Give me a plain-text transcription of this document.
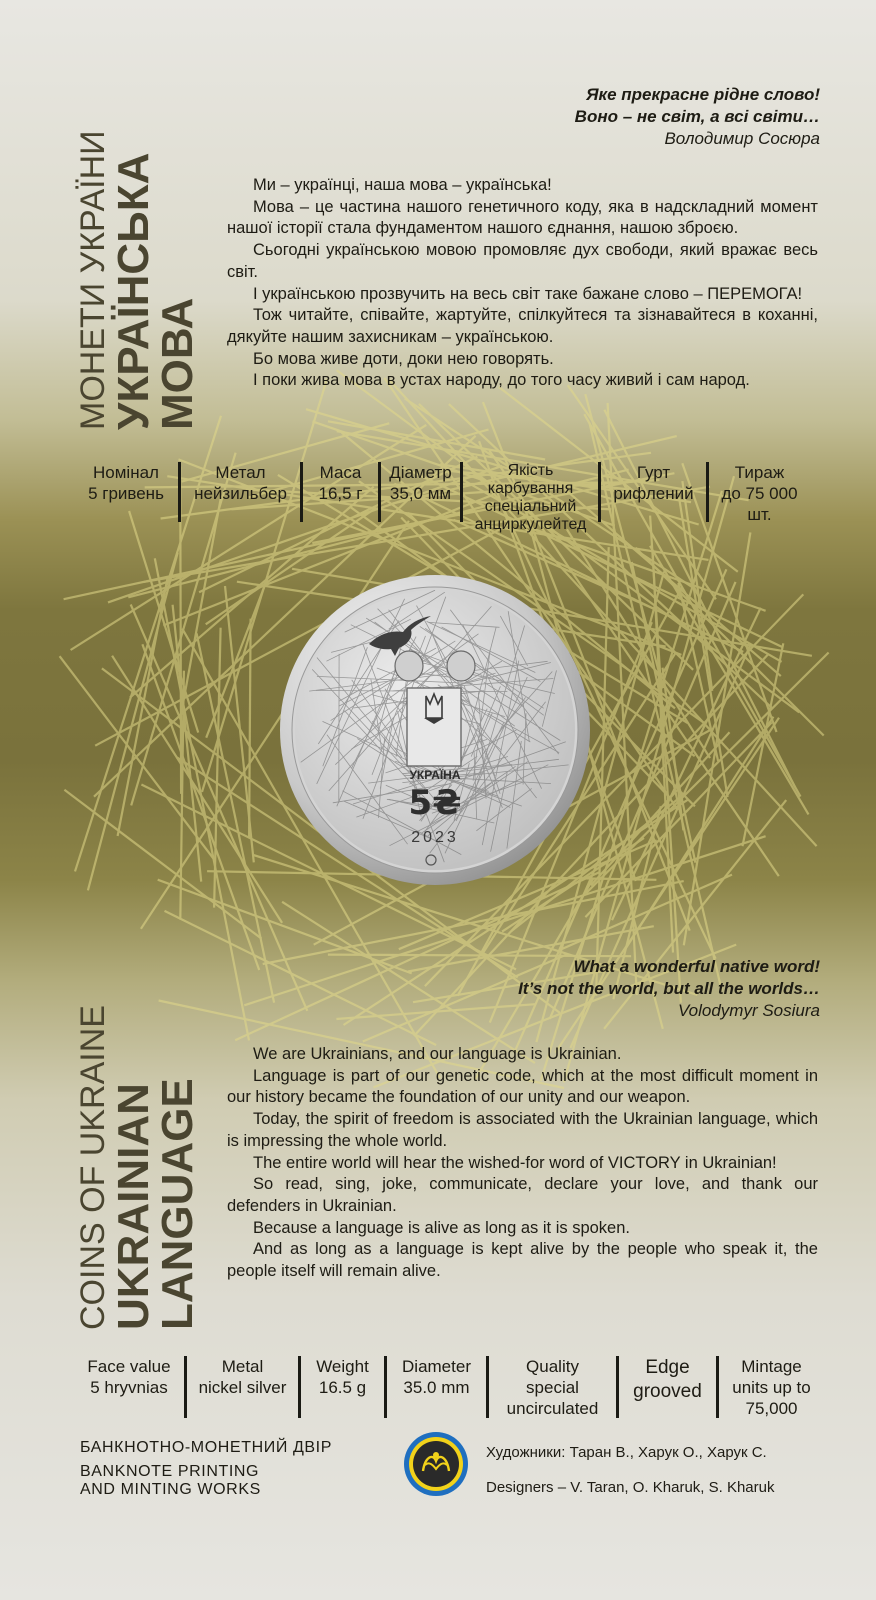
МОНЕТИ УКРАЇНИ
УКРАЇНСЬКА
МОВА
Яке прекрасне рідне слово!
Воно – не світ, а всі світи…
Володимир Сосюра

Ми – українці, наша мова – українська!

Мова – це частина нашого генетичного коду, яка в надскладний момент нашої історії стала фундаментом нашого єднання, нашою зброєю.

Сьогодні українською мовою промовляє дух свободи, який вражає весь світ.

І українською прозвучить на весь світ таке бажане слово – ПЕРЕМОГА!

Тож читайте, співайте, жартуйте, спілкуйтеся та зізнавайтеся в коханні, дякуйте нашим захисникам – українською.

Бо мова живе доти, доки нею говорять.

І поки жива мова в устах народу, до того часу живий і сам народ.

Номінал
5 гривень
Метал
нейзильбер
Маса
16,5 г
Діаметр
35,0 мм
Якість
карбування спеціальний анциркулейтед
Гурт
рифлений
Тираж
до 75 000 шт.
УКРАЇНА
5₴
2023
What a wonderful native word!
It’s not the world, but all the worlds…
Volodymyr Sosiura
COINS OF UKRAINE
UKRAINIAN
LANGUAGE

We are Ukrainians, and our language is Ukrainian.

Language is part of our genetic code, which at the most difficult moment in our history became the foundation of our unity and our weapon.

Today, the spirit of freedom is associated with the Ukrainian language, which is impressing the whole world.

The entire world will hear the wished-for word of VICTORY in Ukrainian!

So read, sing, joke, communicate, declare your love, and thank our defenders in Ukrainian.

Because a language is alive as long as it is spoken.

And as long as a language is kept alive by the people who speak it, the people itself will remain alive.

Face value
5 hryvnias
Metal
nickel silver
Weight
16.5 g
Diameter
35.0 mm
Quality
special uncirculated
Edge
grooved
Mintage
units up to 75,000
БАНКНОТНО-МОНЕТНИЙ ДВІР
BANKNOTE PRINTING
AND MINTING WORKS
Художники: Таран В., Харук О., Харук С.
Designers – V. Taran, O. Kharuk, S. Kharuk
